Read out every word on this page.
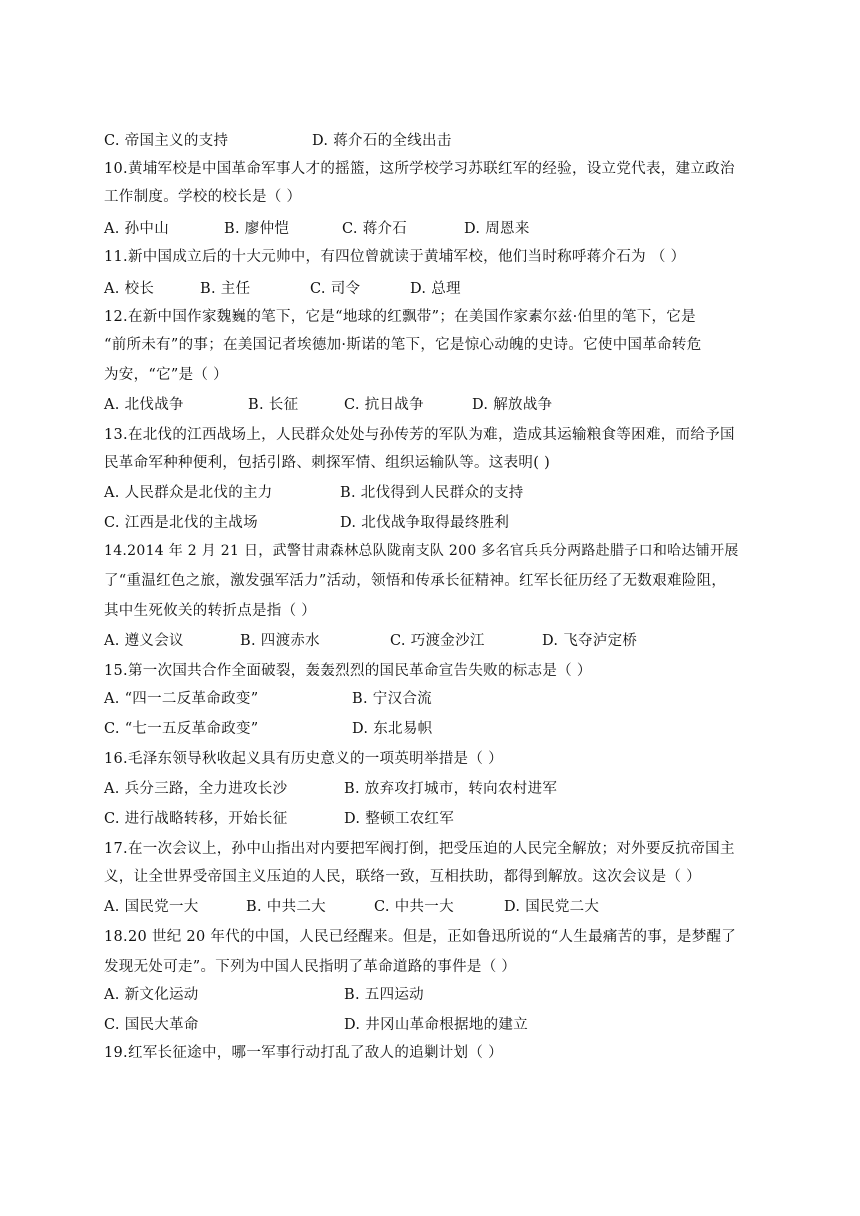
C. 帝国主义的支持	D. 蒋介石的全线出击
10.黄埔军校是中国革命军事人才的摇篮，这所学校学习苏联红军的经验，设立党代表，建立政治
工作制度。学校的校长是（ ）
A. 孙中山	B. 廖仲恺	C. 蒋介石	D. 周恩来
11.新中国成立后的十大元帅中，有四位曾就读于黄埔军校，他们当时称呼蒋介石为 （ ）
A. 校长	B. 主任	C. 司令	D. 总理
12.在新中国作家魏巍的笔下，它是“地球的红飘带”；在美国作家素尔兹·伯里的笔下，它是
“前所未有”的事；在美国记者埃德加·斯诺的笔下，它是惊心动魄的史诗。它使中国革命转危
为安，“它”是（ ）
A. 北伐战争	B. 长征	C. 抗日战争	D. 解放战争
13.在北伐的江西战场上，人民群众处处与孙传芳的军队为难，造成其运输粮食等困难，而给予国
民革命军种种便利，包括引路、刺探军情、组织运输队等。这表明( )
A. 人民群众是北伐的主力	B. 北伐得到人民群众的支持
C. 江西是北伐的主战场	D. 北伐战争取得最终胜利
14.2014 年 2 月 21 日，武警甘肃森林总队陇南支队 200 多名官兵兵分两路赴腊子口和哈达铺开展
了“重温红色之旅，激发强军活力”活动，领悟和传承长征精神。红军长征历经了无数艰难险阻，
其中生死攸关的转折点是指（ ）
A. 遵义会议	B. 四渡赤水	C. 巧渡金沙江	D. 飞夺泸定桥
15.第一次国共合作全面破裂，轰轰烈烈的国民革命宣告失败的标志是（ ）
A. “四一二反革命政变”	B. 宁汉合流
C. “七一五反革命政变”	D. 东北易帜
16.毛泽东领导秋收起义具有历史意义的一项英明举措是（ ）
A. 兵分三路，全力进攻长沙	B. 放弃攻打城市，转向农村进军
C. 进行战略转移，开始长征	D. 整顿工农红军
17.在一次会议上，孙中山指出对内要把军阀打倒，把受压迫的人民完全解放；对外要反抗帝国主
义，让全世界受帝国主义压迫的人民，联络一致，互相扶助，都得到解放。这次会议是（ ）
A. 国民党一大	B. 中共二大	C. 中共一大	D. 国民党二大
18.20 世纪 20 年代的中国，人民已经醒来。但是，正如鲁迅所说的“人生最痛苦的事，是梦醒了
发现无处可走”。下列为中国人民指明了革命道路的事件是（ ）
A. 新文化运动	B. 五四运动
C. 国民大革命	D. 井冈山革命根据地的建立
19.红军长征途中，哪一军事行动打乱了敌人的追剿计划（ ）
